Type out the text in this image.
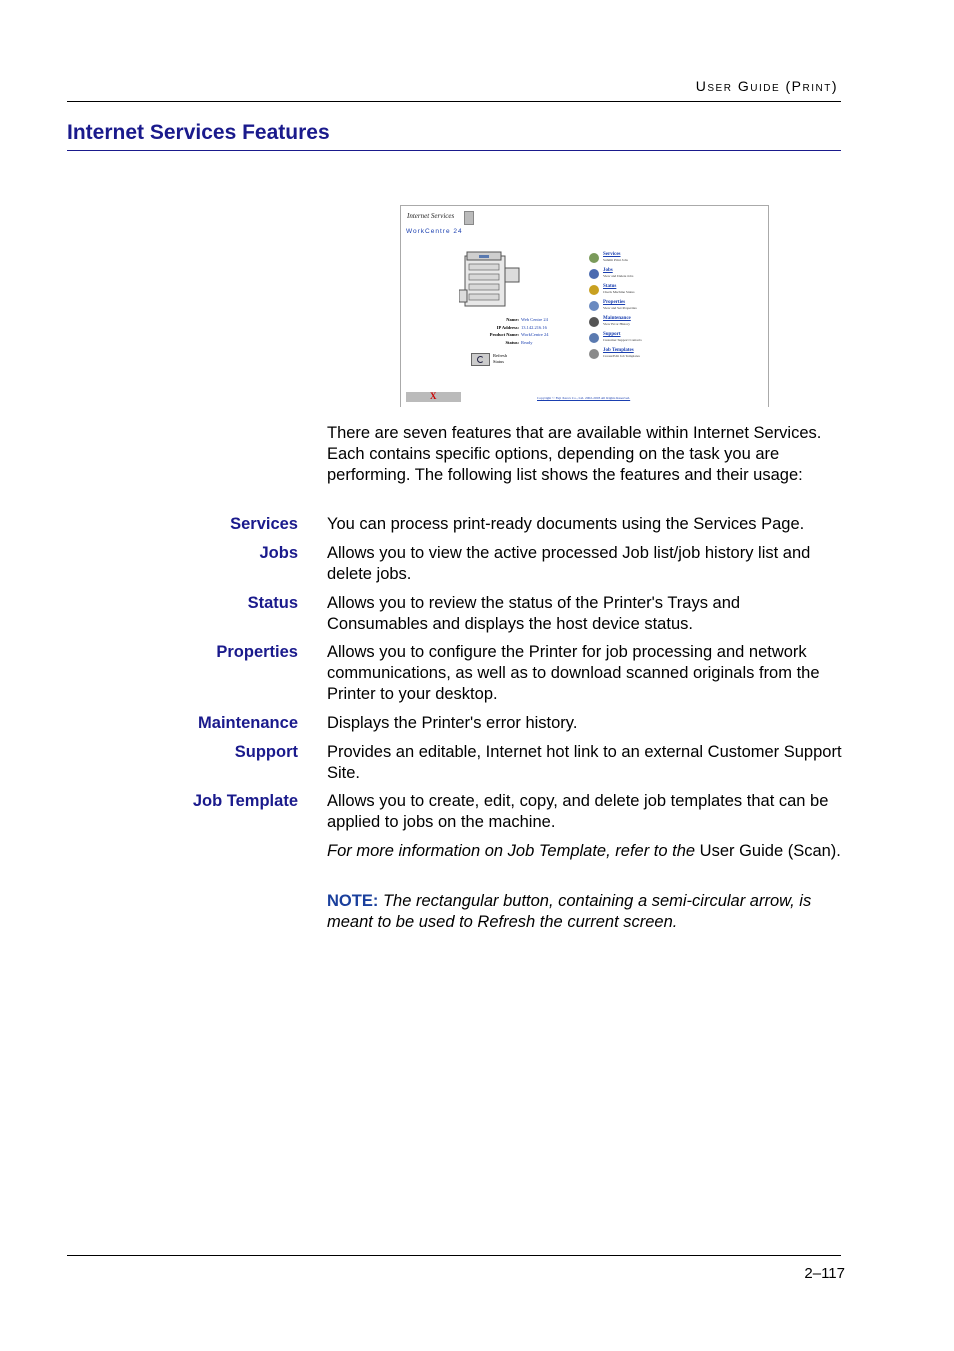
User Guide (Print)
Internet Services Features
Internet Services
WorkCentre 24
Name: Web Centre 24
IP Address: 13.142.216.16
Product Name: WorkCentre 24
Status: Ready
Refresh
Status
Services
Submit Print Jobs
Jobs
View and Delete Jobs
Status
Check Machine Status
Properties
View and Set Properties
Maintenance
View Error History
Support
Customer Support Contacts
Job Templates
Create/Edit Job Templates
X	Copyright © Fuji Xerox Co., Ltd. 2002-2003 All Rights Reserved.
There are seven features that are available within Internet Services. Each contains specific options, depending on the task you are performing. The following list shows the features and their usage:
Services You can process print-ready documents using the Services Page.
Jobs Allows you to view the active processed Job list/job history list and delete jobs.
Status Allows you to review the status of the Printer's Trays and Consumables and displays the host device status.
Properties Allows you to configure the Printer for job processing and network communications, as well as to download scanned originals from the Printer to your desktop.
Maintenance Displays the Printer's error history.
Support Provides an editable, Internet hot link to an external Customer Support Site.
Job Template Allows you to create, edit, copy, and delete job templates that can be applied to jobs on the machine.
For more information on Job Template, refer to the User Guide (Scan).
NOTE: The rectangular button, containing a semi-circular arrow, is meant to be used to Refresh the current screen.
2–117
